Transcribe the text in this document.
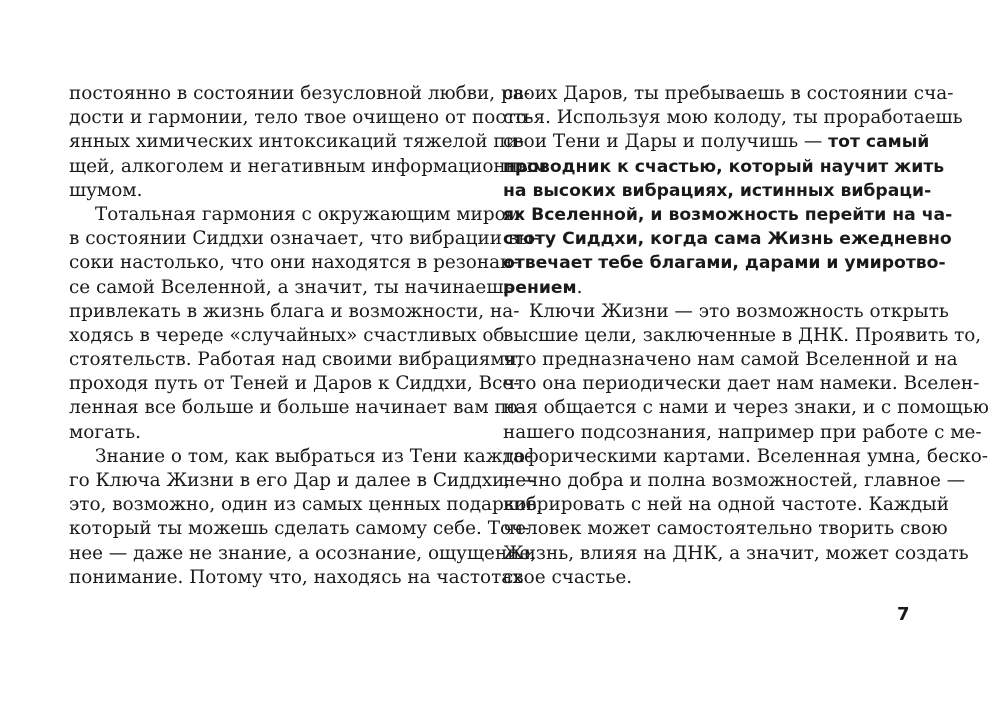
постоянно в состоянии безусловной любви, ра-
дости и гармонии, тело твое очищено от посто-
янных химических интоксикаций тяжелой пи-
щей, алкоголем и негативным информационным
шумом.
Тотальная гармония с окружающим миром
в состоянии Сиддхи означает, что вибрации вы-
соки настолько, что они находятся в резонан-
се самой Вселенной, а значит, ты начинаешь
привлекать в жизнь блага и возможности, на-
ходясь в череде «случайных» счастливых об-
стоятельств. Работая над своими вибрациями,
проходя путь от Теней и Даров к Сиддхи, Все-
ленная все больше и больше начинает вам по-
могать.
Знание о том, как выбраться из Тени каждо-
го Ключа Жизни в его Дар и далее в Сиддхи, —
это, возможно, один из самых ценных подарков,
который ты можешь сделать самому себе. Точ-
нее — даже не знание, а осознание, ощущение,
понимание. Потому что, находясь на частотах
своих Даров, ты пребываешь в состоянии сча-
стья. Используя мою колоду, ты проработаешь
свои Тени и Дары и получишь — тот самый
проводник к счастью, который научит жить
на высоких вибрациях, истинных вибраци-
ях Вселенной, и возможность перейти на ча-
стоту Сиддхи, когда сама Жизнь ежедневно
отвечает тебе благами, дарами и умиротво-
рением.
Ключи Жизни — это возможность открыть
высшие цели, заключенные в ДНК. Проявить то,
что предназначено нам самой Вселенной и на
что она периодически дает нам намеки. Вселен-
ная общается с нами и через знаки, и с помощью
нашего подсознания, например при работе с ме-
тафорическими картами. Вселенная умна, беско-
нечно добра и полна возможностей, главное —
вибрировать с ней на одной частоте. Каждый
человек может самостоятельно творить свою
Жизнь, влияя на ДНК, а значит, может создать
свое счастье.
7
